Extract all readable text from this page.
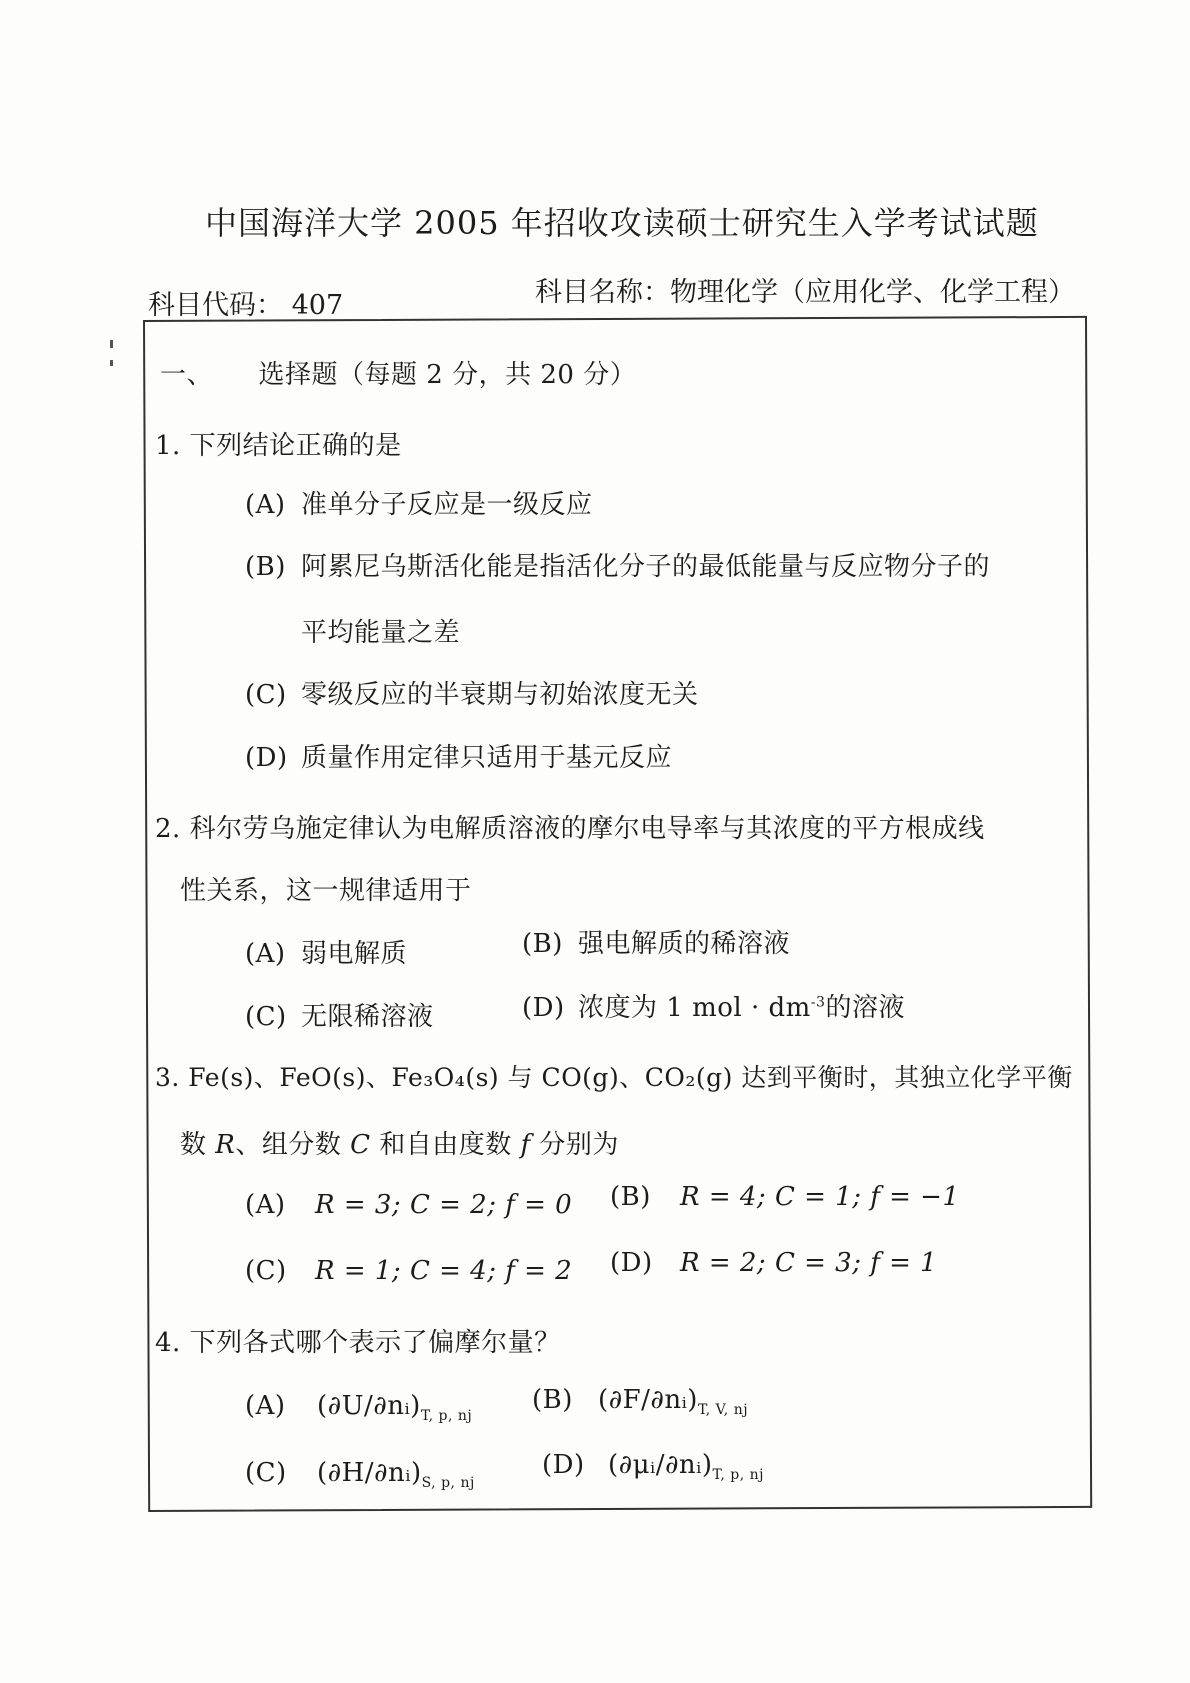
中国海洋大学 2005 年招收攻读硕士研究生入学考试试题
科目代码： 407	科目名称：物理化学（应用化学、化学工程）
一、 选择题（每题 2 分，共 20 分）
1. 下列结论正确的是
(A) 准单分子反应是一级反应
(B) 阿累尼乌斯活化能是指活化分子的最低能量与反应物分子的
平均能量之差
(C) 零级反应的半衰期与初始浓度无关
(D) 质量作用定律只适用于基元反应
2. 科尔劳乌施定律认为电解质溶液的摩尔电导率与其浓度的平方根成线
性关系，这一规律适用于
(A) 弱电解质	(B) 强电解质的稀溶液
(C) 无限稀溶液	(D) 浓度为 1 mol · $dm^{-3}$的溶液
3. Fe(s)、FeO(s)、Fe₃O₄(s) 与 CO(g)、CO₂(g) 达到平衡时，其独立化学平衡
数 R、组分数 C 和自由度数 f 分别为
(A) R = 3; C = 2; f = 0 (B) R = 4; C = 1; f = −1
(C) R = 1; C = 4; f = 2 (D) R = 2; C = 3; f = 1
4. 下列各式哪个表示了偏摩尔量？
(A) $(\partial U/\partial nᵢ)_{T, p, nj}$
(B) $(\partial F/\partial nᵢ)_{T, V, nj}$
(C) $(\partial H/\partial nᵢ)_{S, p, nj}$
(D) $(\partial\mu ᵢ/\partial nᵢ)_{T, p, nj}$
